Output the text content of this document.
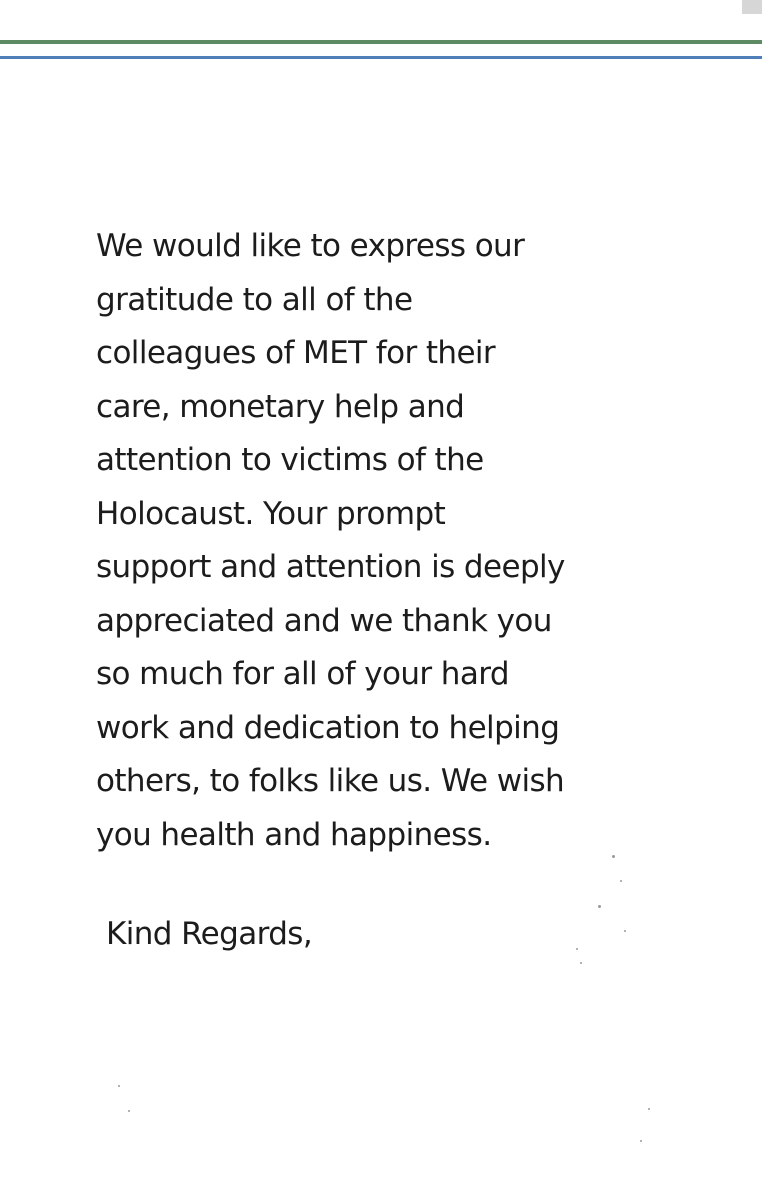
We would like to express our
gratitude to all of the
colleagues of MET for their
care, monetary help and
attention to victims of the
Holocaust. Your prompt
support and attention is deeply
appreciated and we thank you
so much for all of your hard
work and dedication to helping
others, to folks like us. We wish
you health and happiness.

Kind Regards,
